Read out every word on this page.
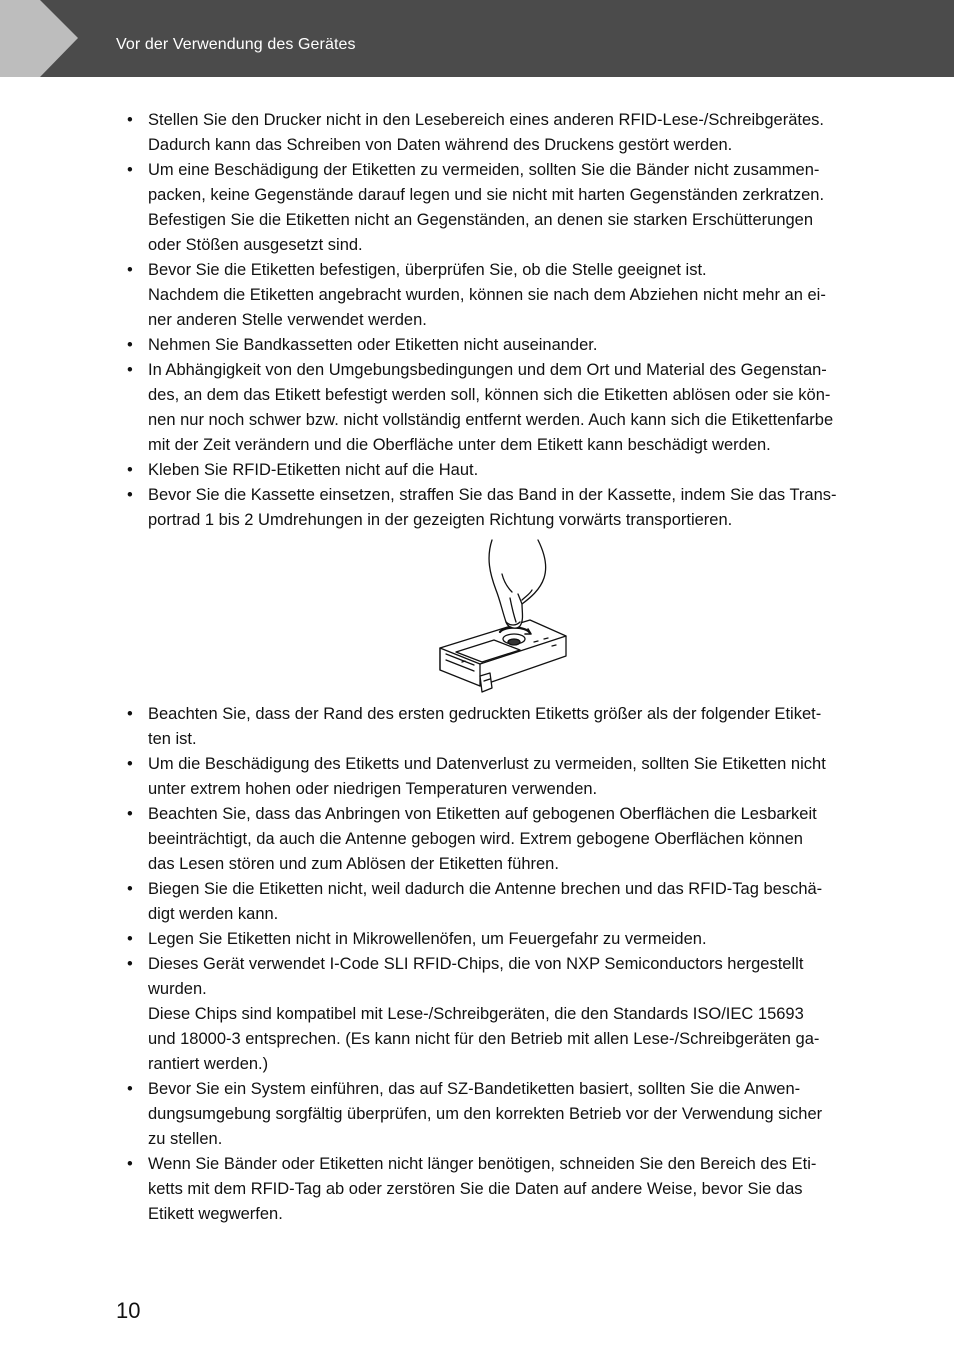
Vor der Verwendung des Gerätes
• Stellen Sie den Drucker nicht in den Lesebereich eines anderen RFID-Lese-/Schreibgerätes.
Dadurch kann das Schreiben von Daten während des Druckens gestört werden.
• Um eine Beschädigung der Etiketten zu vermeiden, sollten Sie die Bänder nicht zusammen-
packen, keine Gegenstände darauf legen und sie nicht mit harten Gegenständen zerkratzen.
Befestigen Sie die Etiketten nicht an Gegenständen, an denen sie starken Erschütterungen
oder Stößen ausgesetzt sind.
• Bevor Sie die Etiketten befestigen, überprüfen Sie, ob die Stelle geeignet ist.
Nachdem die Etiketten angebracht wurden, können sie nach dem Abziehen nicht mehr an ei-
ner anderen Stelle verwendet werden.
• Nehmen Sie Bandkassetten oder Etiketten nicht auseinander.
• In Abhängigkeit von den Umgebungsbedingungen und dem Ort und Material des Gegenstan-
des, an dem das Etikett befestigt werden soll, können sich die Etiketten ablösen oder sie kön-
nen nur noch schwer bzw. nicht vollständig entfernt werden. Auch kann sich die Etikettenfarbe
mit der Zeit verändern und die Oberfläche unter dem Etikett kann beschädigt werden.
• Kleben Sie RFID-Etiketten nicht auf die Haut.
• Bevor Sie die Kassette einsetzen, straffen Sie das Band in der Kassette, indem Sie das Trans-
portrad 1 bis 2 Umdrehungen in der gezeigten Richtung vorwärts transportieren.
• Beachten Sie, dass der Rand des ersten gedruckten Etiketts größer als der folgender Etiket-
ten ist.
• Um die Beschädigung des Etiketts und Datenverlust zu vermeiden, sollten Sie Etiketten nicht
unter extrem hohen oder niedrigen Temperaturen verwenden.
• Beachten Sie, dass das Anbringen von Etiketten auf gebogenen Oberflächen die Lesbarkeit
beeinträchtigt, da auch die Antenne gebogen wird. Extrem gebogene Oberflächen können
das Lesen stören und zum Ablösen der Etiketten führen.
• Biegen Sie die Etiketten nicht, weil dadurch die Antenne brechen und das RFID-Tag beschä-
digt werden kann.
• Legen Sie Etiketten nicht in Mikrowellenöfen, um Feuergefahr zu vermeiden.
• Dieses Gerät verwendet I-Code SLI RFID-Chips, die von NXP Semiconductors hergestellt
wurden.
Diese Chips sind kompatibel mit Lese-/Schreibgeräten, die den Standards ISO/IEC 15693
und 18000-3 entsprechen. (Es kann nicht für den Betrieb mit allen Lese-/Schreibgeräten ga-
rantiert werden.)
• Bevor Sie ein System einführen, das auf SZ-Bandetiketten basiert, sollten Sie die Anwen-
dungsumgebung sorgfältig überprüfen, um den korrekten Betrieb vor der Verwendung sicher
zu stellen.
• Wenn Sie Bänder oder Etiketten nicht länger benötigen, schneiden Sie den Bereich des Eti-
ketts mit dem RFID-Tag ab oder zerstören Sie die Daten auf andere Weise, bevor Sie das
Etikett wegwerfen.
10
